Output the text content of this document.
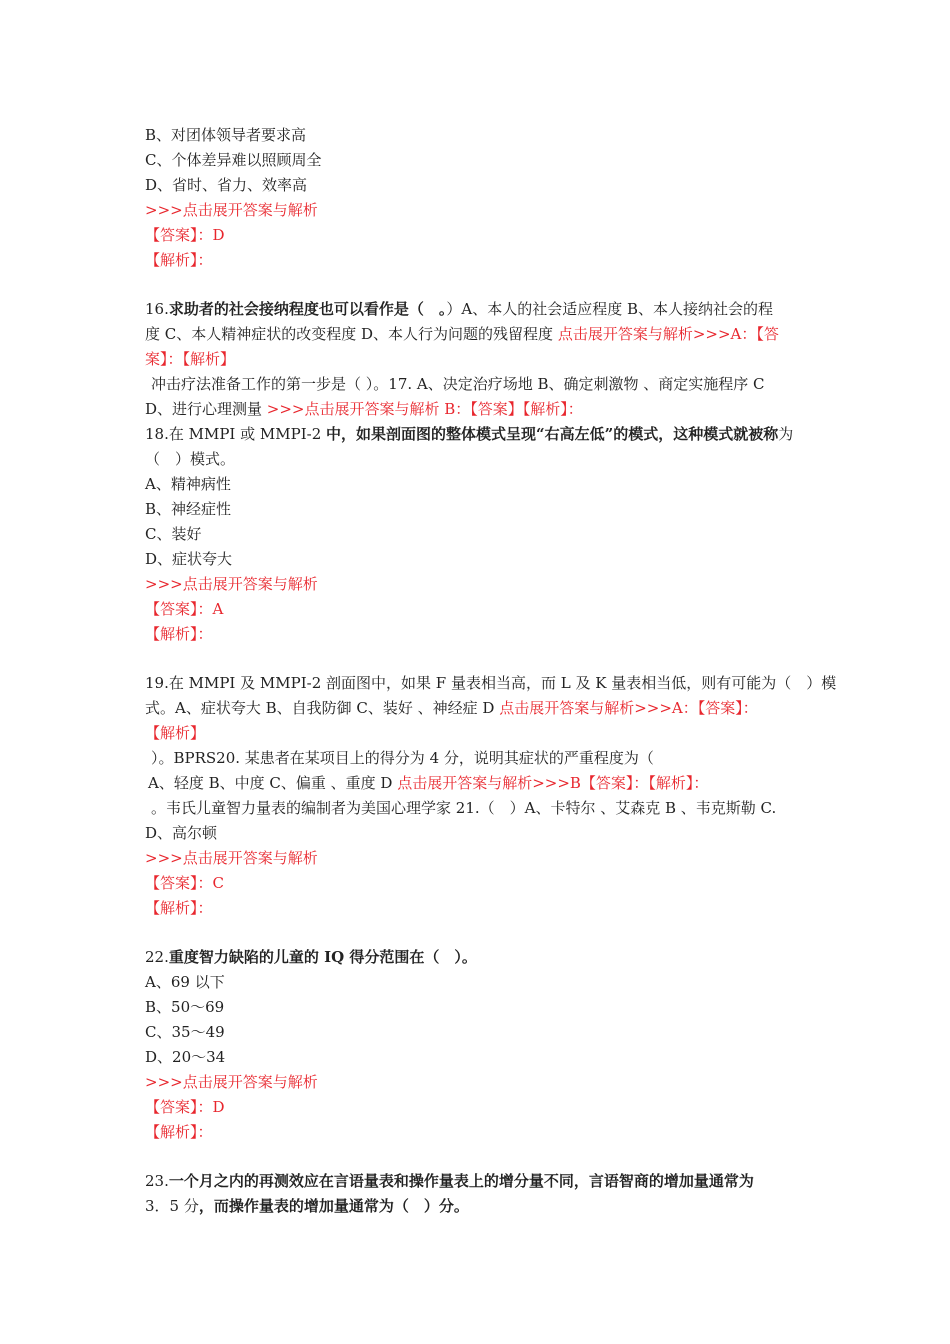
B、对团体领导者要求高
C、个体差异难以照顾周全
D、省时、省力、效率高
>>>点击展开答案与解析
【答案】：D
【解析】：
16.求助者的社会接纳程度也可以看作是（　。）A、本人的社会适应程度 B、本人接纳社会的程
度 C、本人精神症状的改变程度 D、本人行为问题的残留程度 点击展开答案与解析>>>A：【答
案】：【解析】
冲击疗法准备工作的第一步是（ ）。17. A、决定治疗场地 B、确定刺激物 、商定实施程序 C
D、进行心理测量 >>>点击展开答案与解析 B：【答案】【解析】：
18.在 MMPI 或 MMPI-2 中，如果剖面图的整体模式呈现“右高左低”的模式，这种模式就被称为
（　）模式。
A、精神病性
B、神经症性
C、装好
D、症状夸大
>>>点击展开答案与解析
【答案】：A
【解析】：
19.在 MMPI 及 MMPI-2 剖面图中，如果 F 量表相当高，而 L 及 K 量表相当低，则有可能为（　）模
式。A、症状夸大 B、自我防御 C、装好 、神经症 D 点击展开答案与解析>>>A：【答案】：
【解析】
）。BPRS20. 某患者在某项目上的得分为 4 分，说明其症状的严重程度为（
A、轻度 B、中度 C、偏重 、重度 D 点击展开答案与解析>>>B【答案】：【解析】：
。韦氏儿童智力量表的编制者为美国心理学家 21.（　）A、卡特尔 、艾森克 B 、韦克斯勒 C.
D、高尔顿
>>>点击展开答案与解析
【答案】：C
【解析】：
22.重度智力缺陷的儿童的 IQ 得分范围在（　）。
A、69 以下
B、50～69
C、35～49
D、20～34
>>>点击展开答案与解析
【答案】：D
【解析】：
23.一个月之内的再测效应在言语量表和操作量表上的增分量不同，言语智商的增加量通常为
3．5 分，而操作量表的增加量通常为（　）分。
